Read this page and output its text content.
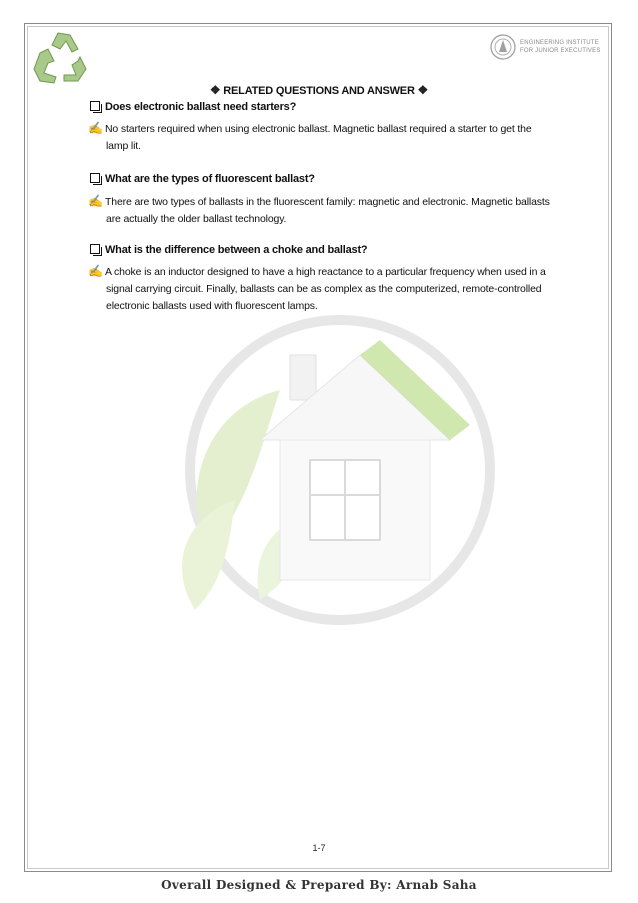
ENGINEERING INSTITUTE
FOR JUNIOR EXECUTIVES
❖ RELATED QUESTIONS AND ANSWER ❖
Does electronic ballast need starters?
✍ No starters required when using electronic ballast. Magnetic ballast required a starter to get the
lamp lit.
What are the types of fluorescent ballast?
✍ There are two types of ballasts in the fluorescent family: magnetic and electronic. Magnetic ballasts
are actually the older ballast technology.
What is the difference between a choke and ballast?
✍ A choke is an inductor designed to have a high reactance to a particular frequency when used in a
signal carrying circuit. Finally, ballasts can be as complex as the computerized, remote-controlled
electronic ballasts used with fluorescent lamps.
1-7
Overall Designed & Prepared By: Arnab Saha
